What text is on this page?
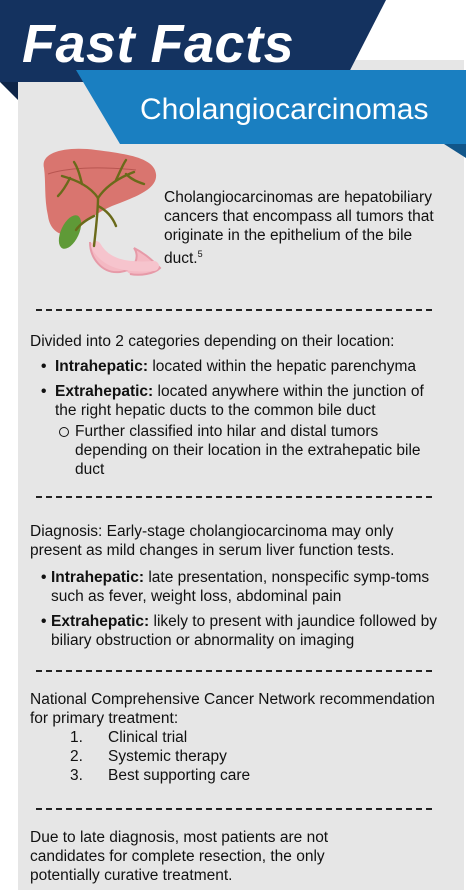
Fast Facts
Cholangiocarcinomas
Cholangiocarcinomas are hepatobiliary cancers that encompass all tumors that originate in the epithelium of the bile duct.$^5$

Divided into 2 categories depending on their location:

• Intrahepatic: located within the hepatic parenchyma
• Extrahepatic: located anywhere within the junction of the right hepatic ducts to the common bile duct
Further classified into hilar and distal tumors depending on their location in the extrahepatic bile duct

Diagnosis: Early-stage cholangiocarcinoma may only present as mild changes in serum liver function tests.

• Intrahepatic: late presentation, nonspecific symp-toms such as fever, weight loss, abdominal pain
• Extrahepatic: likely to present with jaundice followed by biliary obstruction or abnormality on imaging

National Comprehensive Cancer Network recommendation for primary treatment:

1. Clinical trial
2. Systemic therapy
3. Best supporting care

Due to late diagnosis, most patients are not candidates for complete resection, the only potentially curative treatment.
